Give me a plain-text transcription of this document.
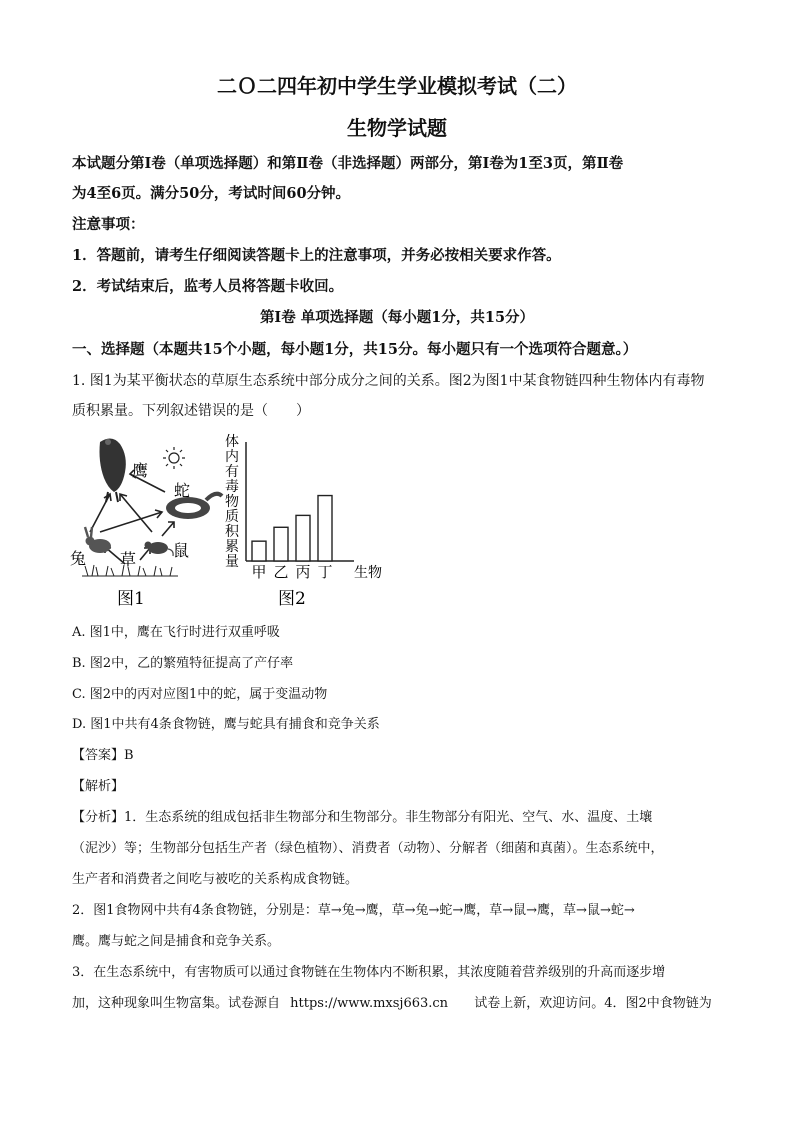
二Ｏ二四年初中学生学业模拟考试（二）
生物学试题
本试题分第Ⅰ卷（单项选择题）和第Ⅱ卷（非选择题）两部分，第Ⅰ卷为1至3页，第Ⅱ卷
为4至6页。满分50分，考试时间60分钟。
注意事项：
1．答题前，请考生仔细阅读答题卡上的注意事项，并务必按相关要求作答。
2．考试结束后，监考人员将答题卡收回。
第Ⅰ卷 单项选择题（每小题1分，共15分）
一、选择题（本题共15个小题，每小题1分，共15分。每小题只有一个选项符合题意。）
1. 图1为某平衡状态的草原生态系统中部分成分之间的关系。图2为图1中某食物链四种生物体内有毒物
质积累量。下列叙述错误的是（　　）
鹰
蛇
兔 草 鼠
图1
体
内
有
毒
物
质
积
累
量
甲 乙 丙 丁 生物
图2
A. 图1中，鹰在飞行时进行双重呼吸
B. 图2中，乙的繁殖特征提高了产仔率
C. 图2中的丙对应图1中的蛇，属于变温动物
D. 图1中共有4条食物链，鹰与蛇具有捕食和竞争关系
【答案】B
【解析】
【分析】1．生态系统的组成包括非生物部分和生物部分。非生物部分有阳光、空气、水、温度、土壤
（泥沙）等；生物部分包括生产者（绿色植物）、消费者（动物）、分解者（细菌和真菌）。生态系统中，
生产者和消费者之间吃与被吃的关系构成食物链。
2．图1食物网中共有4条食物链，分别是：草→兔→鹰，草→兔→蛇→鹰，草→鼠→鹰，草→鼠→蛇→
鹰。鹰与蛇之间是捕食和竞争关系。
3．在生态系统中，有害物质可以通过食物链在生物体内不断积累，其浓度随着营养级别的升高而逐步增
加，这种现象叫生物富集。试卷源自 https://www.mxsj663.cn 试卷上新，欢迎访问。4．图2中食物链为
